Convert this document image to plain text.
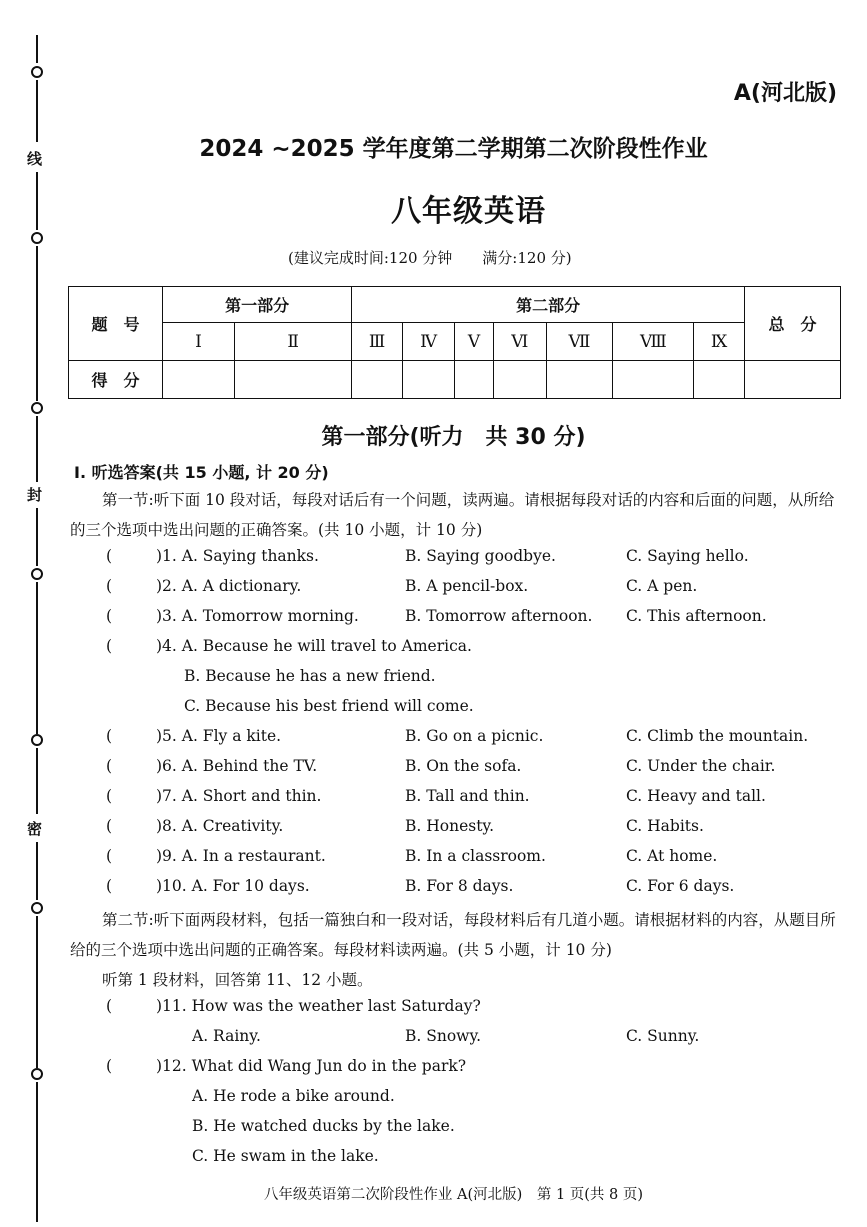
线
封
密
A(河北版)
2024 ~2025 学年度第二学期第二次阶段性作业
八年级英语
(建议完成时间:120 分钟　　满分:120 分)
题　号	第一部分		第二部分							总　分
	Ⅰ	Ⅱ	Ⅲ	Ⅳ	Ⅴ	Ⅵ	Ⅶ	Ⅷ	Ⅸ	
得　分										
第一部分(听力　共 30 分)
Ⅰ. 听选答案(共 15 小题, 计 20 分)
第一节:听下面 10 段对话，每段对话后有一个问题，读两遍。请根据每段对话的内容和后面的问题，从所给的三个选项中选出问题的正确答案。(共 10 小题，计 10 分)
(	)1. A. Saying thanks.	B. Saying goodbye.	C. Saying hello.
(	)2. A. A dictionary.	B. A pencil-box.	C. A pen.
(	)3. A. Tomorrow morning.	B. Tomorrow afternoon. C. This afternoon.
(	)4. A. Because he will travel to America.
B. Because he has a new friend.
C. Because his best friend will come.
(	)5. A. Fly a kite.	B. Go on a picnic.	C. Climb the mountain.
(	)6. A. Behind the TV.	B. On the sofa.	C. Under the chair.
(	)7. A. Short and thin.	B. Tall and thin.	C. Heavy and tall.
(	)8. A. Creativity.	B. Honesty.	C. Habits.
(	)9. A. In a restaurant.	B. In a classroom.	C. At home.
(	)10. A. For 10 days.	B. For 8 days.	C. For 6 days.
第二节:听下面两段材料，包括一篇独白和一段对话，每段材料后有几道小题。请根据材料的内容，从题目所给的三个选项中选出问题的正确答案。每段材料读两遍。(共 5 小题，计 10 分)
听第 1 段材料，回答第 11、12 小题。
(	)11. How was the weather last Saturday?
A. Rainy.	B. Snowy.	C. Sunny.
(	)12. What did Wang Jun do in the park?
A. He rode a bike around.
B. He watched ducks by the lake.
C. He swam in the lake.
八年级英语第二次阶段性作业 A(河北版)　第 1 页(共 8 页)
